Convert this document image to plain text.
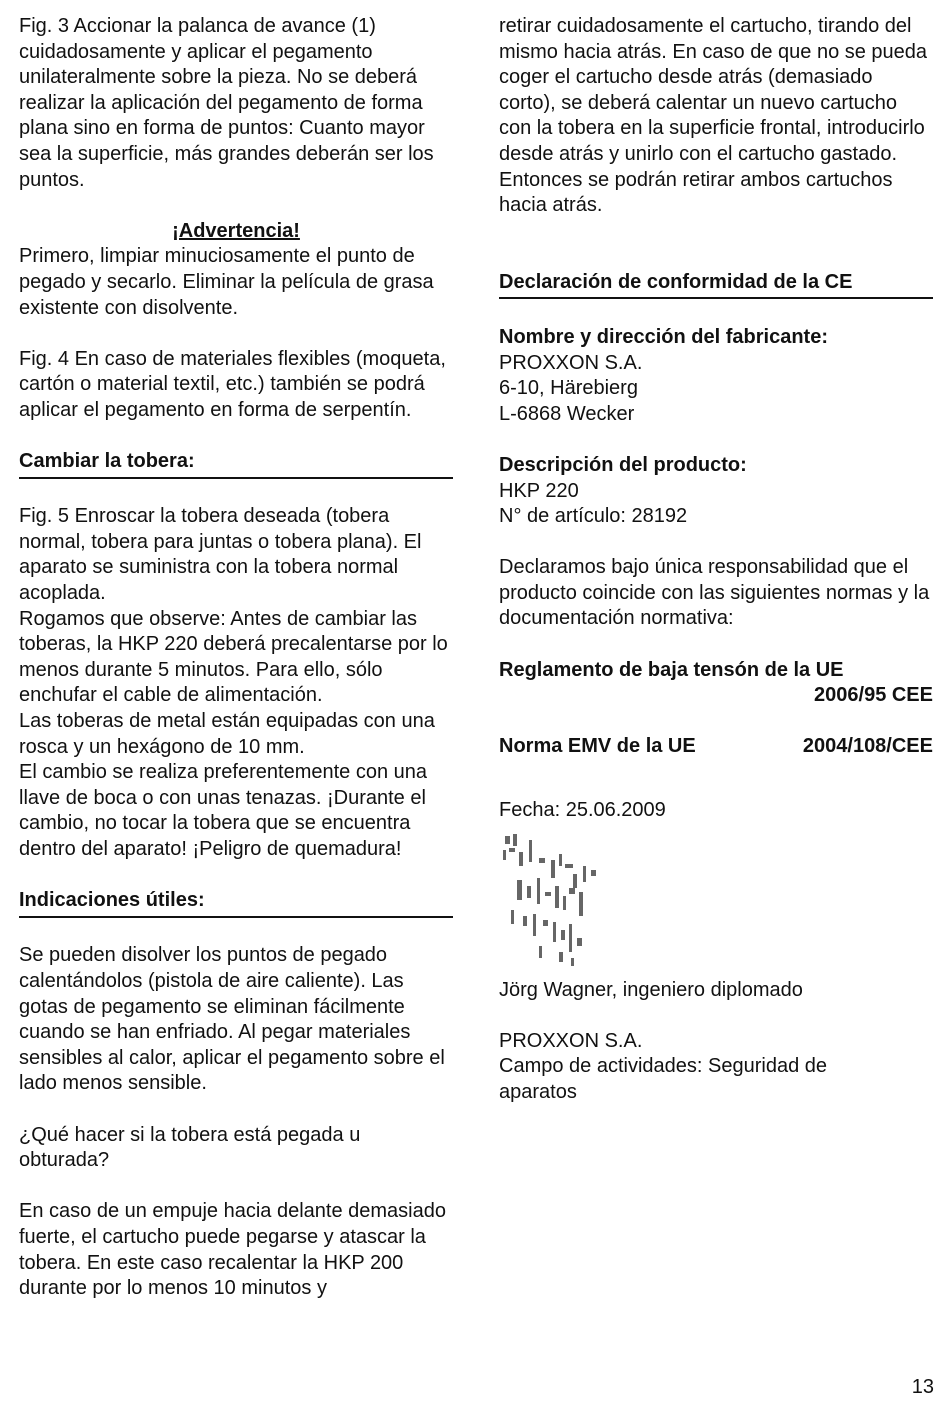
Fig. 3 Accionar la palanca de avance (1) cuidadosamente y aplicar el pegamento unilateralmente sobre la pieza. No se deberá realizar la aplicación del pegamento de forma plana sino en forma de puntos: Cuanto mayor sea la superficie, más grandes deberán ser los puntos.

¡Advertencia!

Primero, limpiar minuciosamente el punto de pegado y secarlo. Eliminar la película de grasa existente con disolvente.

Fig. 4 En caso de materiales flexibles (moqueta, cartón o material textil, etc.) también se podrá aplicar el pegamento en forma de serpentín.

Cambiar la tobera:

Fig. 5 Enroscar la tobera deseada (tobera normal, tobera para juntas o tobera plana). El aparato se suministra con la tobera normal acoplada.

Rogamos que observe: Antes de cambiar las toberas, la HKP 220 deberá precalentarse por lo menos durante 5 minutos. Para ello, sólo enchufar el cable de alimentación.

Las toberas de metal están equipadas con una rosca y un hexágono de 10 mm.

El cambio se realiza preferentemente con una llave de boca o con unas tenazas. ¡Durante el cambio, no tocar la tobera que se encuentra dentro del aparato! ¡Peligro de quemadura!

Indicaciones útiles:

Se pueden disolver los puntos de pegado calentándolos (pistola de aire caliente). Las gotas de pegamento se eliminan fácilmente cuando se han enfriado. Al pegar materiales sensibles al calor, aplicar el pegamento sobre el lado menos sensible.

¿Qué hacer si la tobera está pegada u obturada?

En caso de un empuje hacia delante demasiado fuerte, el cartucho puede pegarse y atascar la tobera. En este caso recalentar la HKP 200 durante por lo menos 10 minutos y

retirar cuidadosamente el cartucho, tirando del mismo hacia atrás. En caso de que no se pueda coger el cartucho desde atrás (demasiado corto), se deberá calentar un nuevo cartucho con la tobera en la superficie frontal, introducirlo desde atrás y unirlo con el cartucho gastado. Entonces se podrán retirar ambos cartuchos hacia atrás.

Declaración de conformidad de la CE

Nombre y dirección del fabricante:

PROXXON S.A.

6-10, Härebierg

L-6868 Wecker

Descripción del producto:

HKP 220

N° de artículo: 28192

Declaramos bajo única responsabilidad que el producto coincide con las siguientes normas y la documentación normativa:

Reglamento de baja tensón de la UE

2006/95 CEE

Norma EMV de la UE	2004/108/CEE

Fecha: 25.06.2009

Jörg Wagner, ingeniero diplomado

PROXXON S.A.

Campo de actividades: Seguridad de

aparatos

13
